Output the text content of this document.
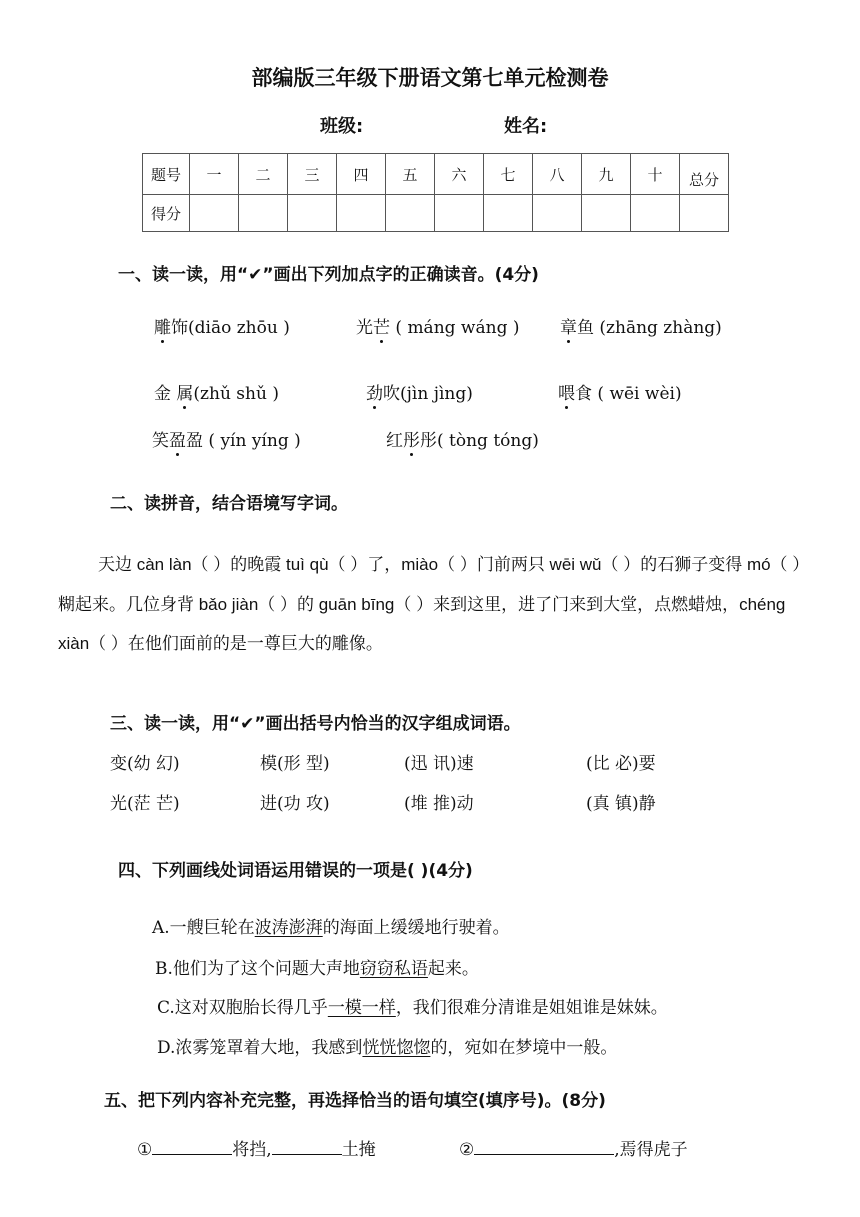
部编版三年级下册语文第七单元检测卷
班级:	姓名:
题号	一	二	三	四	五	六	七	八	九	十	总分
得分											
一、读一读，用“✔”画出下列加点字的正确读音。(4分)
雕饰(diāo zhōu )	光芒 ( máng wáng ) 章鱼 (zhāng zhàng)
金 属(zhǔ shǔ )	劲吹(jìn jìng)	喂食 ( wēi wèi)
笑盈盈 ( yín yíng )	红彤彤( tòng tóng)
二、读拼音，结合语境写字词。
天边 càn làn（ ）的晚霞 tuì qù（ ）了，miào（ ）门前两只 wēi wǔ（ ）的石狮子变得 mó（ ）糊起来。几位身背 bǎo jiàn（ ）的 guān bīng（ ）来到这里，进了门来到大堂，点燃蜡烛，chéng xiàn（ ）在他们面前的是一尊巨大的雕像。
三、读一读，用“✔”画出括号内恰当的汉字组成词语。
变(幼 幻)	模(形 型)	(迅 讯)速	(比 必)要
光(茫 芒)	进(功 攻)	(堆 推)动	(真 镇)静
四、下列画线处词语运用错误的一项是( )(4分)
A.一艘巨轮在波涛澎湃的海面上缓缓地行驶着。
B.他们为了这个问题大声地窃窃私语起来。
C.这对双胞胎长得几乎一模一样，我们很难分清谁是姐姐谁是妹妹。
D.浓雾笼罩着大地，我感到恍恍惚惚的，宛如在梦境中一般。
五、把下列内容补充完整，再选择恰当的语句填空(填序号)。(8分)
①	将挡,	土掩	②	,焉得虎子
